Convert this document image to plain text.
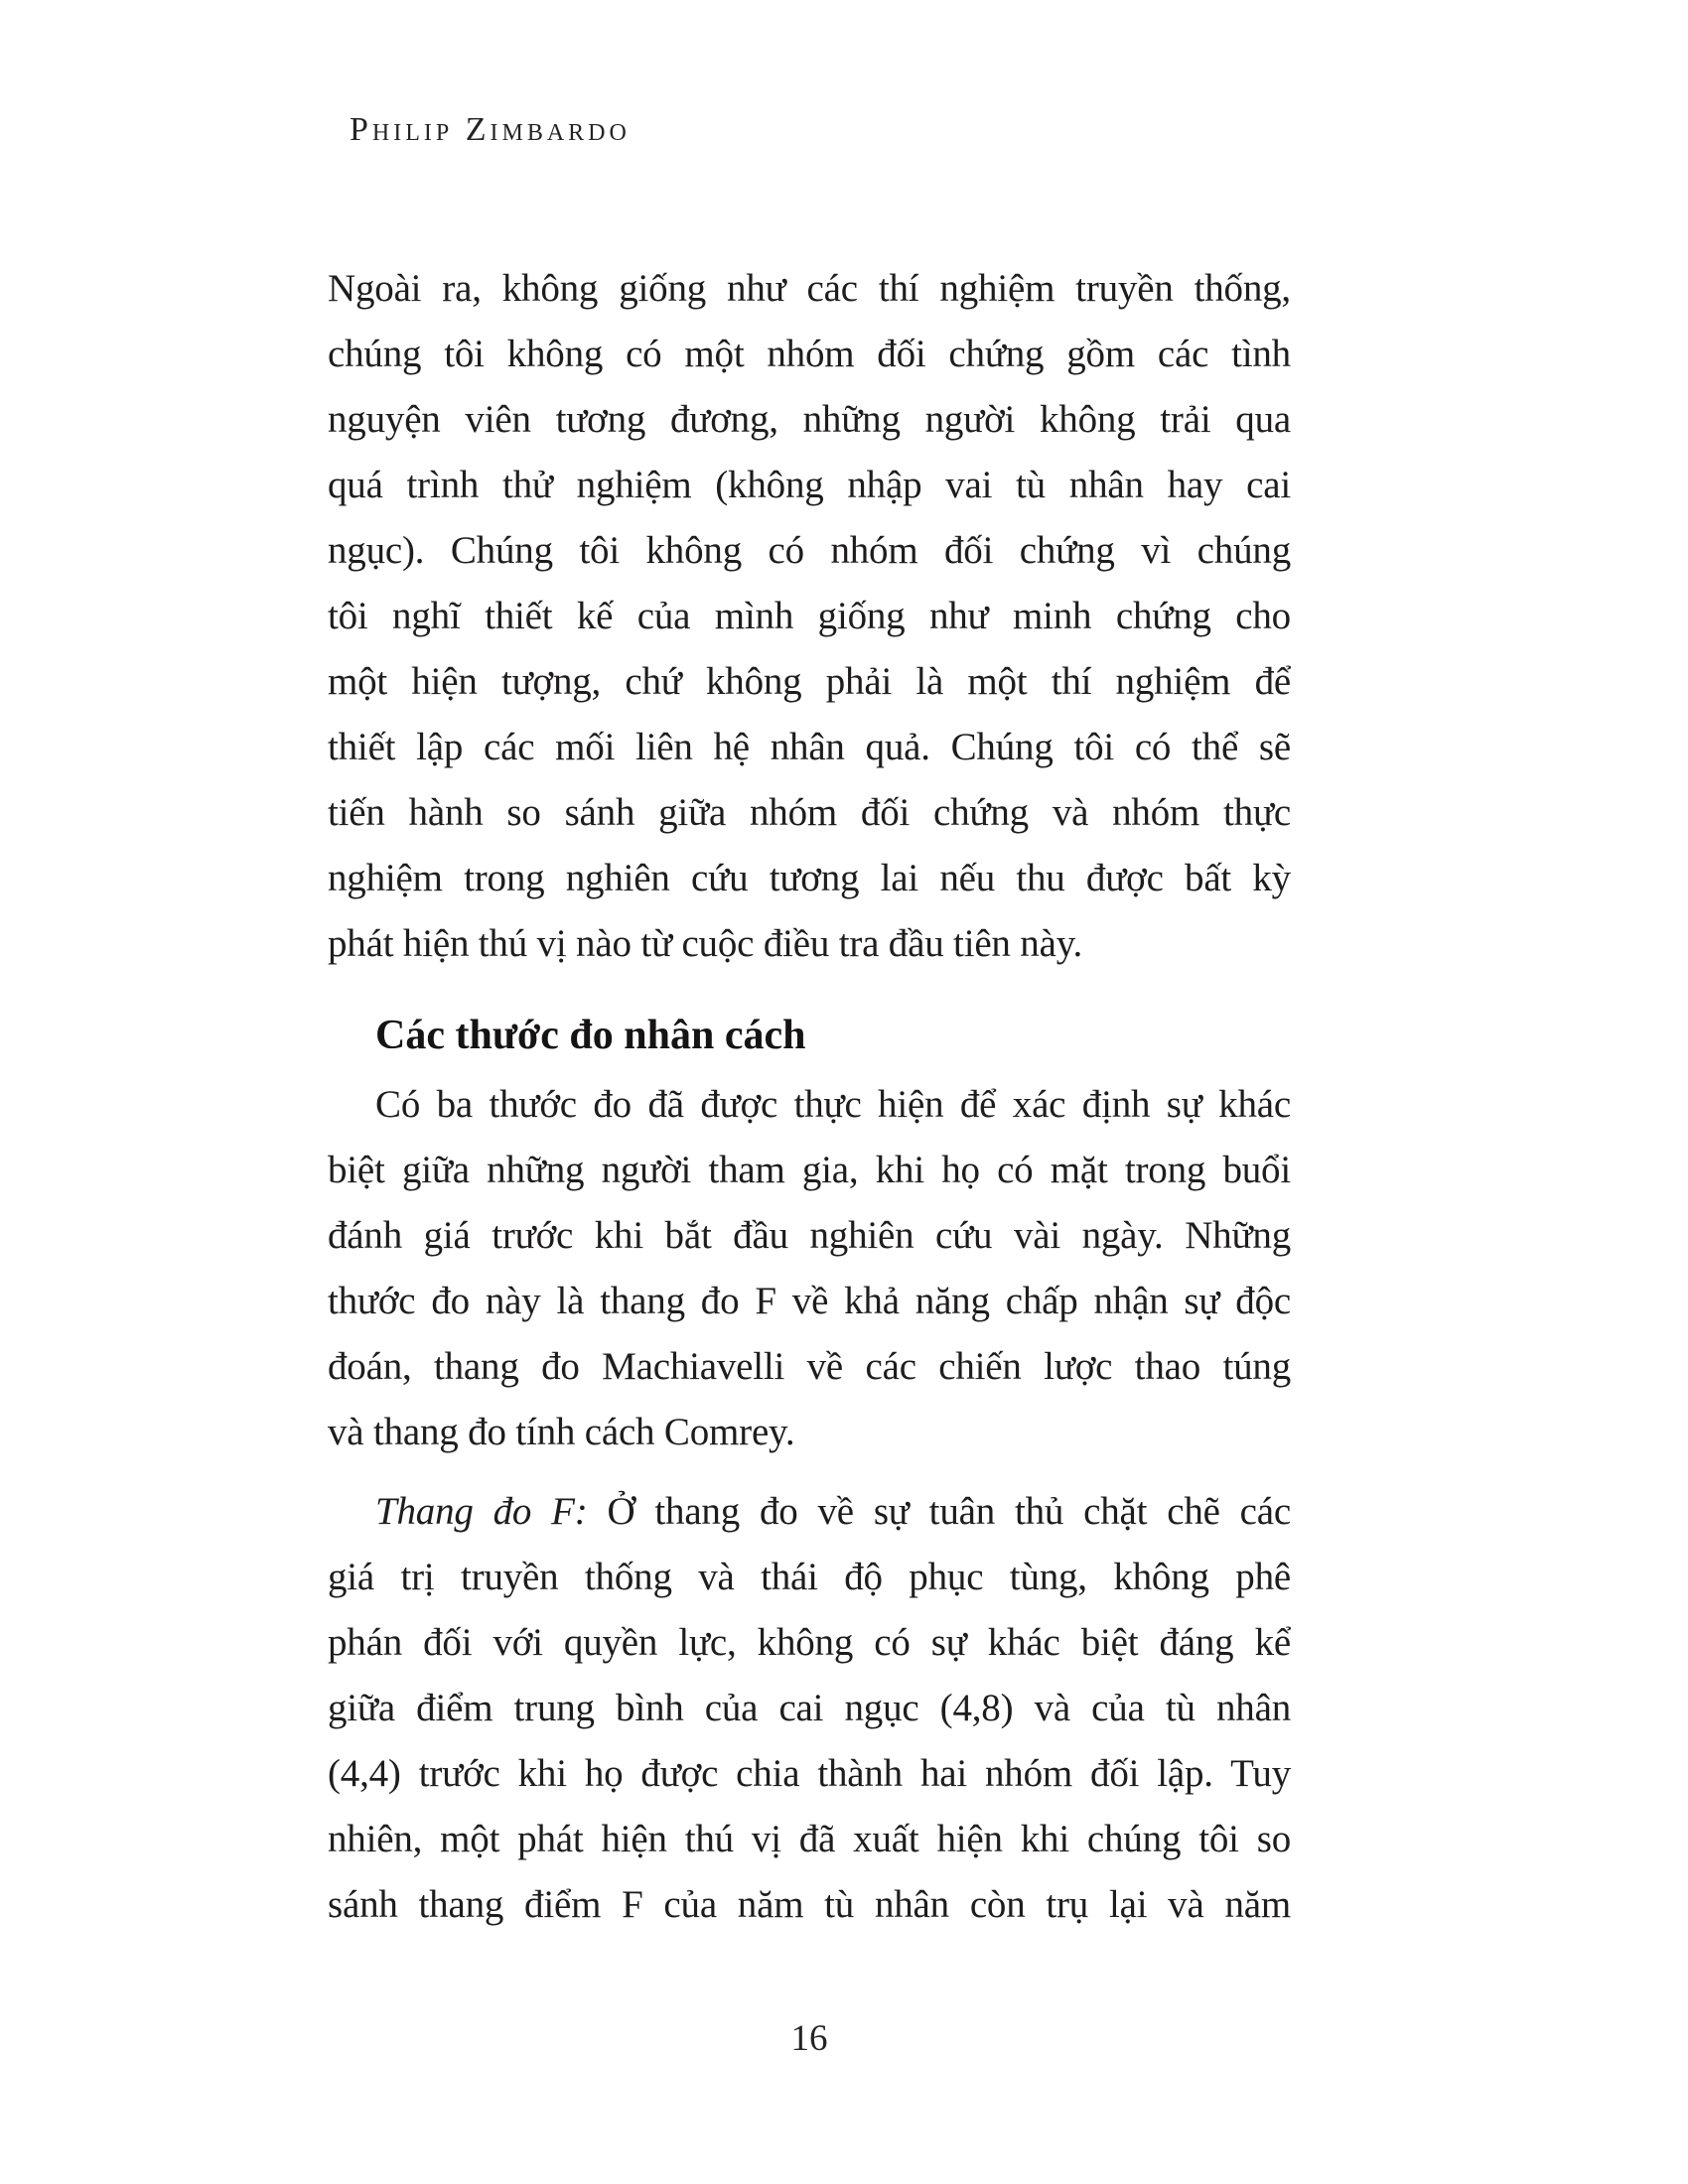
Philip Zimbardo
Ngoài ra, không giống như các thí nghiệm truyền thống,
chúng tôi không có một nhóm đối chứng gồm các tình
nguyện viên tương đương, những người không trải qua
quá trình thử nghiệm (không nhập vai tù nhân hay cai
ngục). Chúng tôi không có nhóm đối chứng vì chúng
tôi nghĩ thiết kế của mình giống như minh chứng cho
một hiện tượng, chứ không phải là một thí nghiệm để
thiết lập các mối liên hệ nhân quả. Chúng tôi có thể sẽ
tiến hành so sánh giữa nhóm đối chứng và nhóm thực
nghiệm trong nghiên cứu tương lai nếu thu được bất kỳ
phát hiện thú vị nào từ cuộc điều tra đầu tiên này.
Các thước đo nhân cách
Có ba thước đo đã được thực hiện để xác định sự khác
biệt giữa những người tham gia, khi họ có mặt trong buổi
đánh giá trước khi bắt đầu nghiên cứu vài ngày. Những
thước đo này là thang đo F về khả năng chấp nhận sự độc
đoán, thang đo Machiavelli về các chiến lược thao túng
và thang đo tính cách Comrey.
Thang đo F: Ở thang đo về sự tuân thủ chặt chẽ các
giá trị truyền thống và thái độ phục tùng, không phê
phán đối với quyền lực, không có sự khác biệt đáng kể
giữa điểm trung bình của cai ngục (4,8) và của tù nhân
(4,4) trước khi họ được chia thành hai nhóm đối lập. Tuy
nhiên, một phát hiện thú vị đã xuất hiện khi chúng tôi so
sánh thang điểm F của năm tù nhân còn trụ lại và năm
16
